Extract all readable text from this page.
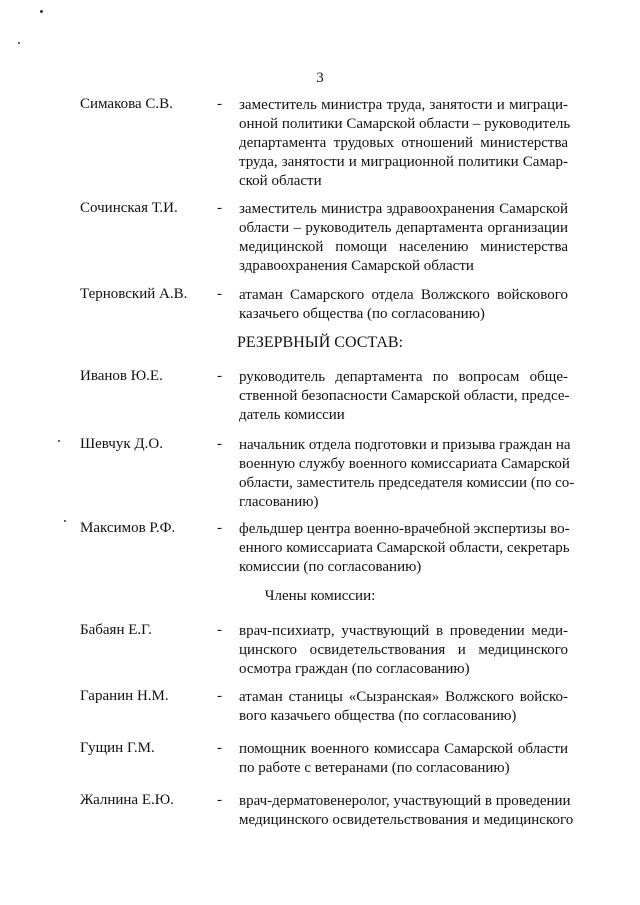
3
Симакова С.В.	- заместитель министра труда, занятости и миграци-
онной политики Самарской области – руководитель
департамента трудовых отношений министерства
труда, занятости и миграционной политики Самар-
ской области
Сочинская Т.И.	- заместитель министра здравоохранения Самарской
области – руководитель департамента организации
медицинской помощи населению министерства
здравоохранения Самарской области
Терновский А.В. - атаман Самарского отдела Волжского войскового
казачьего общества (по согласованию)
РЕЗЕРВНЫЙ СОСТАВ:
Иванов Ю.Е.	- руководитель департамента по вопросам обще-
ственной безопасности Самарской области, предсе-
датель комиссии
Шевчук Д.О.	- начальник отдела подготовки и призыва граждан на
военную службу военного комиссариата Самарской
области, заместитель председателя комиссии (по со-
гласованию)
Максимов Р.Ф.	- фельдшер центра военно-врачебной экспертизы во-
енного комиссариата Самарской области, секретарь
комиссии (по согласованию)
Члены комиссии:
Бабаян Е.Г.	- врач-психиатр, участвующий в проведении меди-
цинского освидетельствования и медицинского
осмотра граждан (по согласованию)
Гаранин Н.М.	- атаман станицы «Сызранская» Волжского войско-
вого казачьего общества (по согласованию)
Гущин Г.М.	- помощник военного комиссара Самарской области
по работе с ветеранами (по согласованию)
Жалнина Е.Ю.	- врач-дерматовенеролог, участвующий в проведении
медицинского освидетельствования и медицинского
